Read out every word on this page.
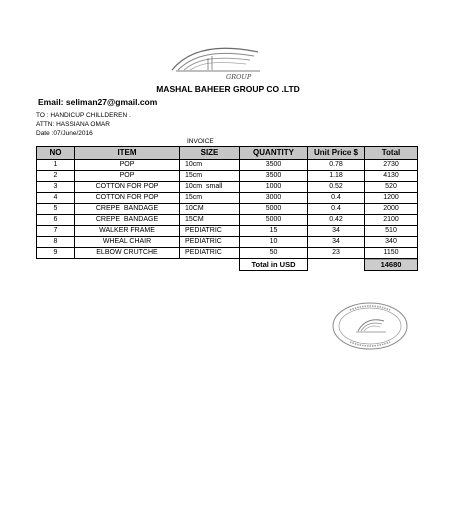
GROUP
MASHAL BAHEER GROUP CO .LTD
Email: seliman27@gmail.com
TO : HANDICUP CHILLDEREN .
ATTN: HASSIANA OMAR
Date :07/June/2016
INVOICE
NO	ITEM	SIZE	QUANTITY	Unit Price $	Total
1	POP	10cm	3500	0.78	2730
2	POP	15cm	3500	1.18	4130
3	COTTON FOR POP	10cm  small	1000	0.52	520
4	COTTON FOR POP	15cm	3000	0.4	1200
5	CREPE  BANDAGE	10CM	5000	0.4	2000
6	CREPE  BANDAGE	15CM	5000	0.42	2100
7	WALKER FRAME	PEDIATRIC	15	34	510
8	WHEAL CHAIR	PEDIATRIC	10	34	340
9	ELBOW CRUTCHE	PEDIATRIC	50	23	1150
			Total in USD		14680
